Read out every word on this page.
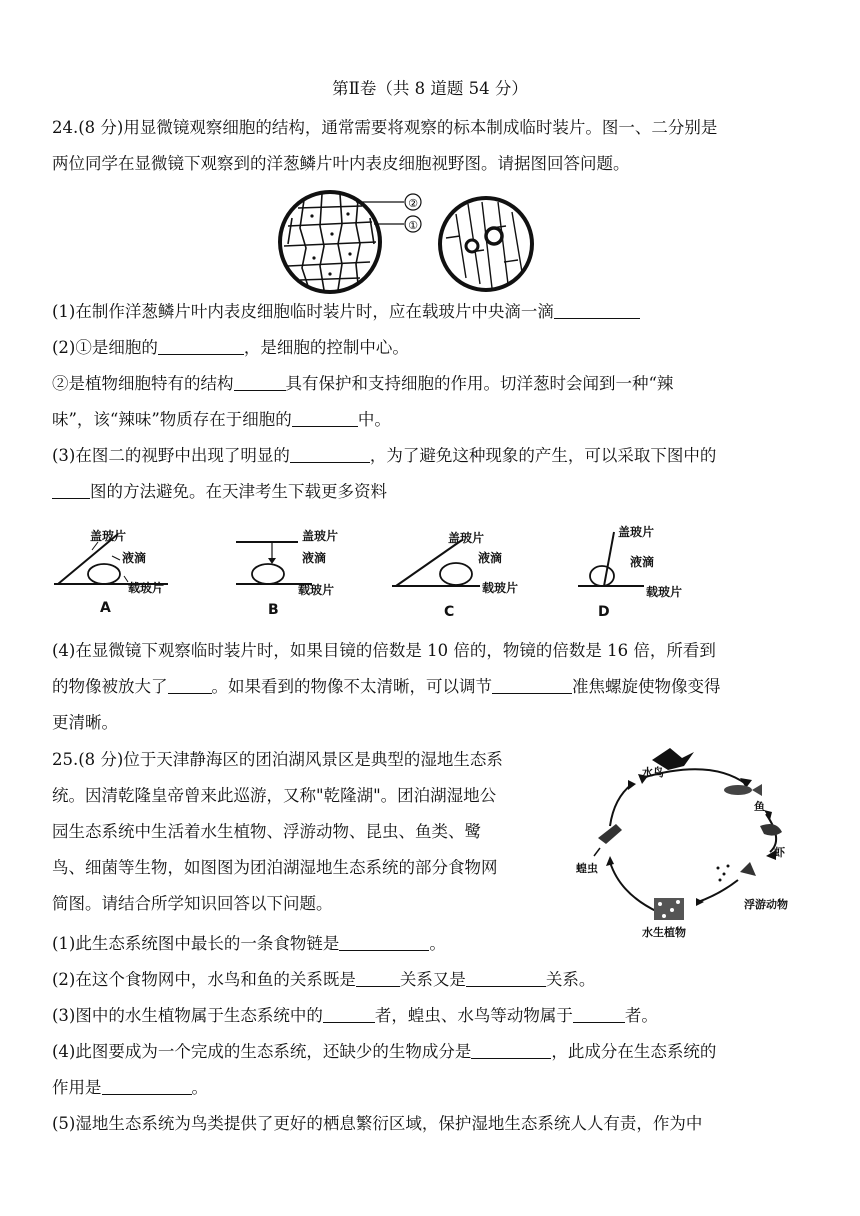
第Ⅱ卷（共 8 道题 54 分）
24.(8 分)用显微镜观察细胞的结构，通常需要将观察的标本制成临时装片。图一、二分别是
两位同学在显微镜下观察到的洋葱鳞片叶内表皮细胞视野图。请据图回答问题。
②
①
(1)在制作洋葱鳞片叶内表皮细胞临时装片时，应在载玻片中央滴一滴
(2)①是细胞的	，是细胞的控制中心。
②是植物细胞特有的结构	具有保护和支持细胞的作用。切洋葱时会闻到一种“辣
味”，该“辣味”物质存在于细胞的	中。
(3)在图二的视野中出现了明显的	，为了避免这种现象的产生，可以采取下图中的
图的方法避免。在天津考生下载更多资料
盖玻片
液滴
载玻片
A
盖玻片
液滴
载玻片
B
盖玻片
液滴
载玻片
C
盖玻片
液滴
载玻片
D
(4)在显微镜下观察临时装片时，如果目镜的倍数是 10 倍的，物镜的倍数是 16 倍，所看到
的物像被放大了	。如果看到的物像不太清晰，可以调节	准焦螺旋使物像变得
更清晰。
25.(8 分)位于天津静海区的团泊湖风景区是典型的湿地生态系
统。因清乾隆皇帝曾来此巡游，又称"乾隆湖"。团泊湖湿地公
园生态系统中生活着水生植物、浮游动物、昆虫、鱼类、鹭
鸟、细菌等生物，如图图为团泊湖湿地生态系统的部分食物网
简图。请结合所学知识回答以下问题。
水鸟
鱼
虾
蝗虫
浮游动物
水生植物
(1)此生态系统图中最长的一条食物链是	。
(2)在这个食物网中，水鸟和鱼的关系既是	关系又是	关系。
(3)图中的水生植物属于生态系统中的	者，蝗虫、水鸟等动物属于	者。
(4)此图要成为一个完成的生态系统，还缺少的生物成分是	，此成分在生态系统的
作用是	。
(5)湿地生态系统为鸟类提供了更好的栖息繁衍区域，保护湿地生态系统人人有责，作为中
